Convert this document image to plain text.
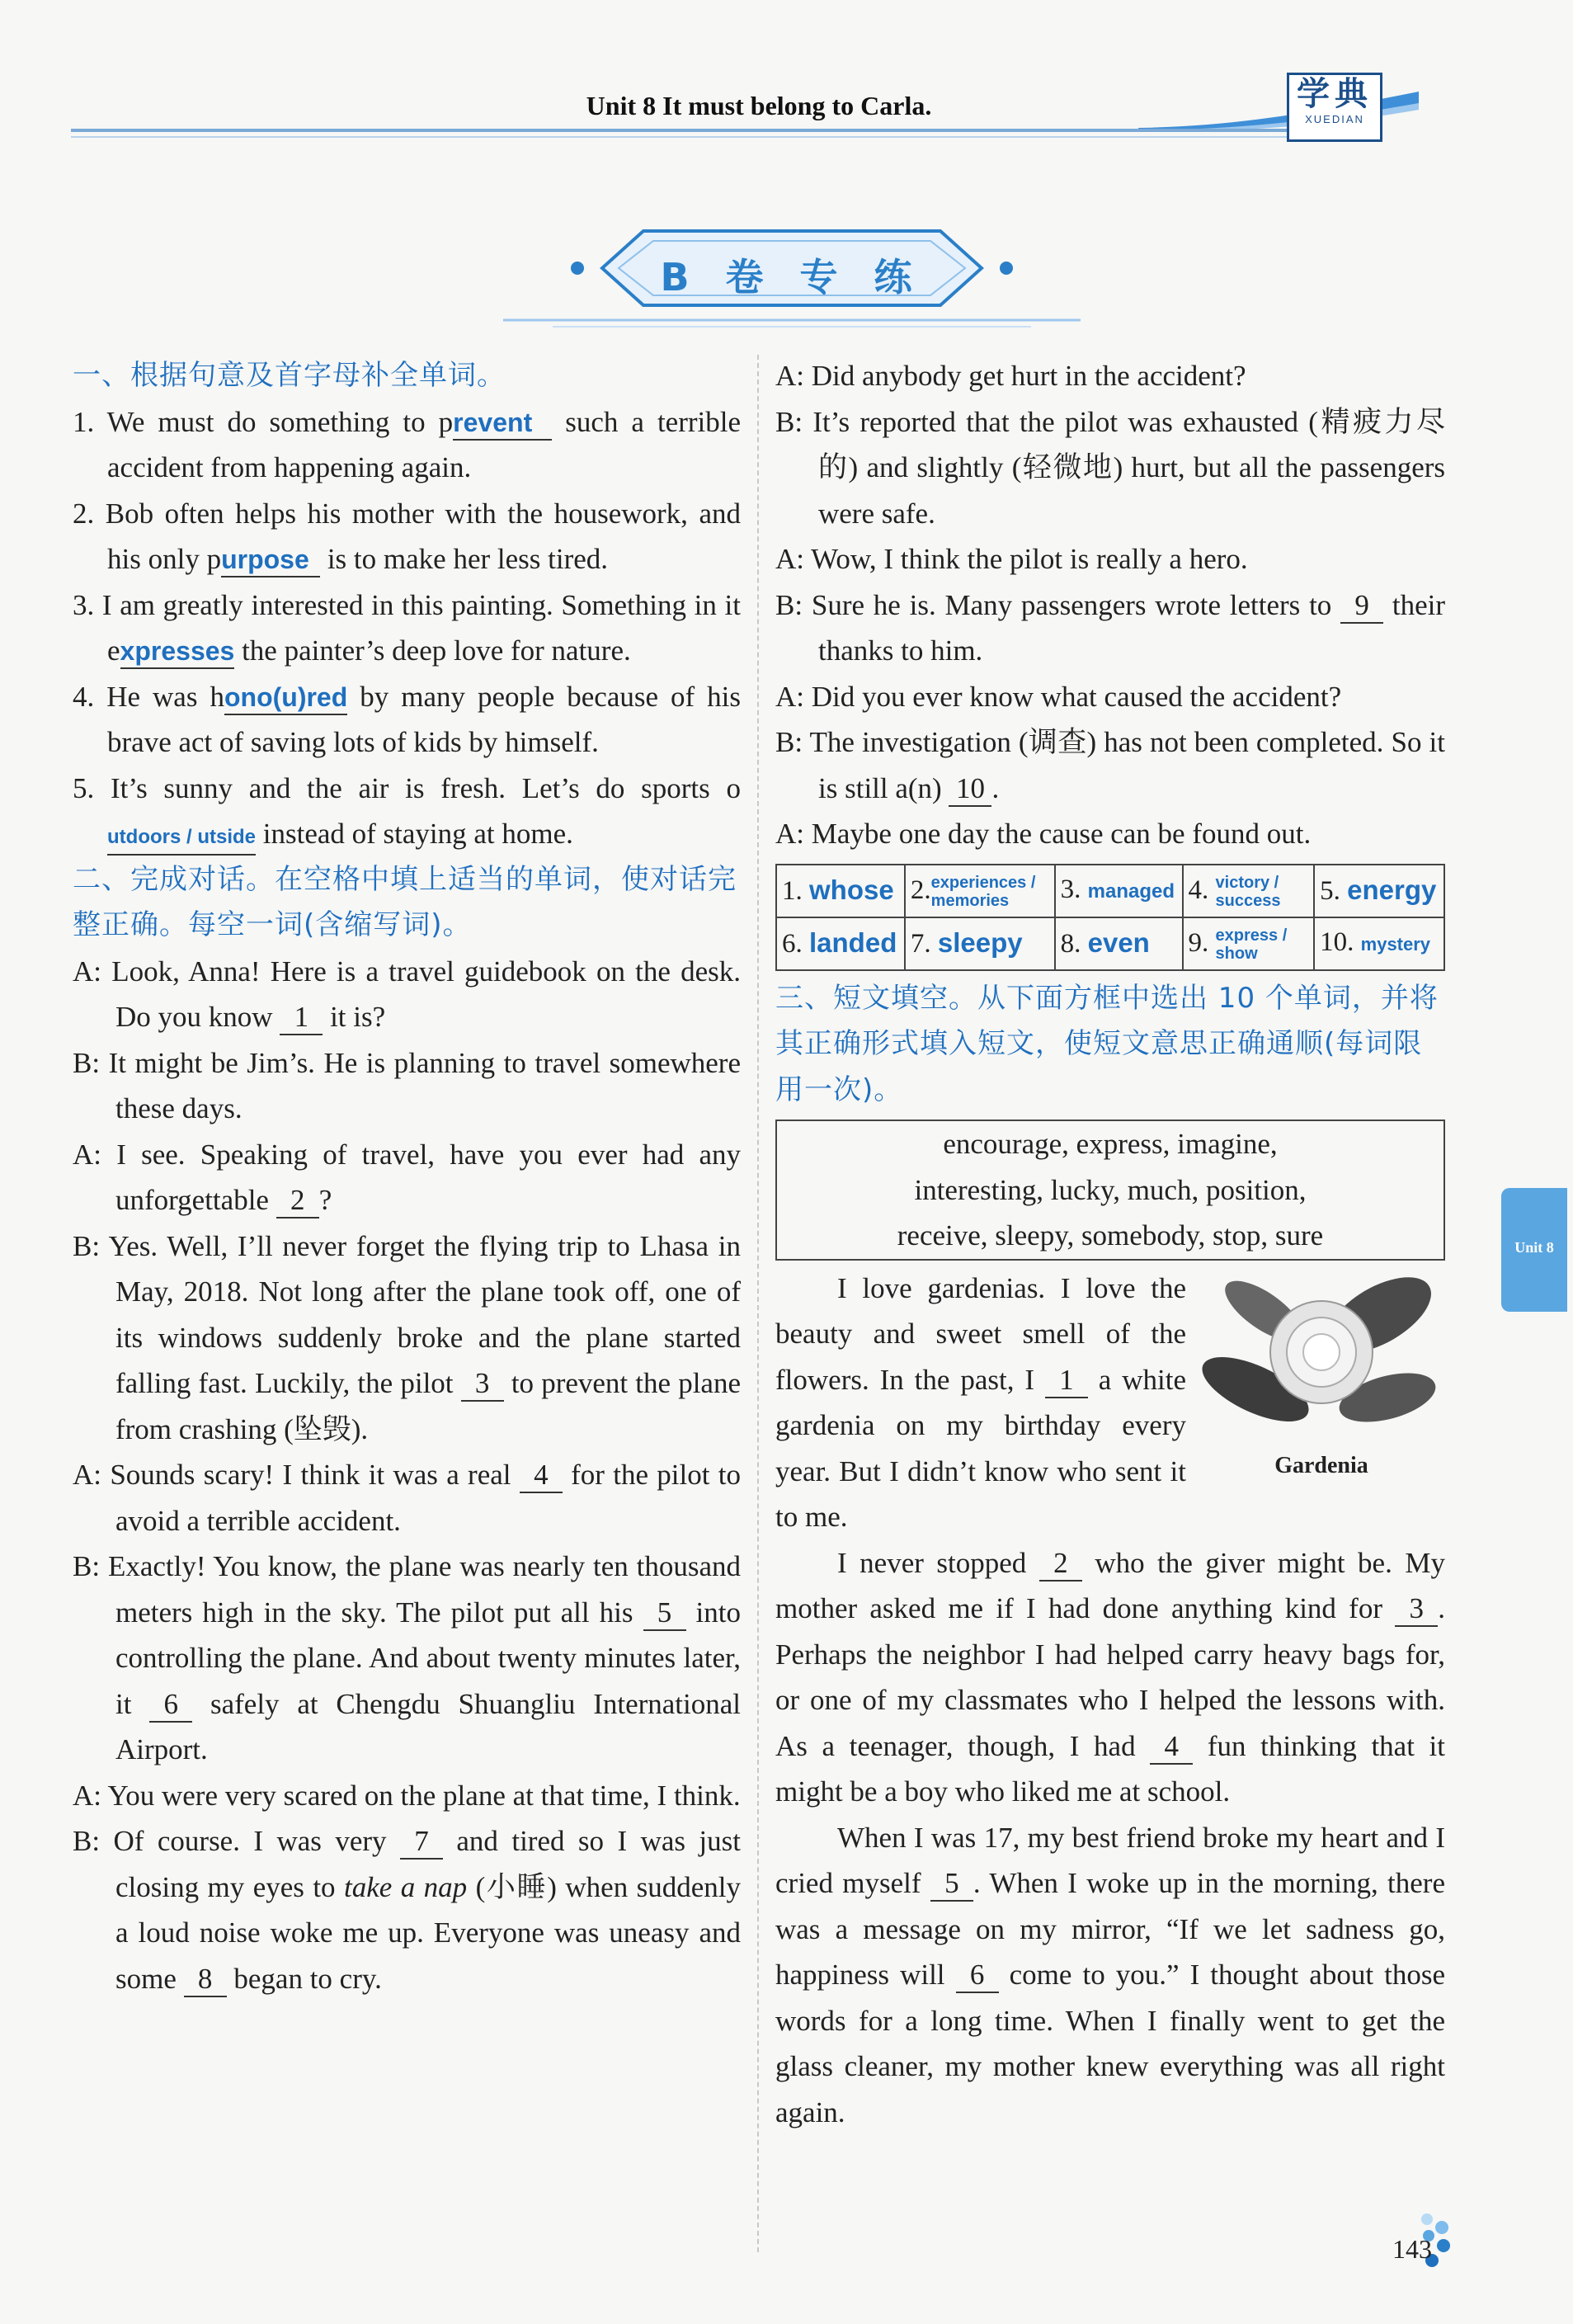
Unit 8 It must belong to Carla.	学典
XUEDIAN
B 卷 专 练
一、根据句意及首字母补全单词。
1. We must do something to prevent such a terrible accident from happening again.
2. Bob often helps his mother with the housework, and his only purpose is to make her less tired.
3. I am greatly interested in this painting. Something in it expresses the painter’s deep love for nature.
4. He was hono(u)red by many people because of his brave act of saving lots of kids by himself.
5. It’s sunny and the air is fresh. Let’s do sports outdoors / utside instead of staying at home.
二、完成对话。在空格中填上适当的单词，使对话完整正确。每空一词(含缩写词)。
A: Look, Anna! Here is a travel guidebook on the desk. Do you know 1 it is?
B: It might be Jim’s. He is planning to travel somewhere these days.
A: I see. Speaking of travel, have you ever had any unforgettable 2 ?
B: Yes. Well, I’ll never forget the flying trip to Lhasa in May, 2018. Not long after the plane took off, one of its windows suddenly broke and the plane started falling fast. Luckily, the pilot 3 to prevent the plane from crashing (坠毁).
A: Sounds scary! I think it was a real 4 for the pilot to avoid a terrible accident.
B: Exactly! You know, the plane was nearly ten thousand meters high in the sky. The pilot put all his 5 into controlling the plane. And about twenty minutes later, it 6 safely at Chengdu Shuangliu International Airport.
A: You were very scared on the plane at that time, I think.
B: Of course. I was very 7 and tired so I was just closing my eyes to take a nap (小睡) when suddenly a loud noise woke me up. Everyone was uneasy and some 8 began to cry.
A: Did anybody get hurt in the accident?
B: It’s reported that the pilot was exhausted (精疲力尽的) and slightly (轻微地) hurt, but all the passengers were safe.
A: Wow, I think the pilot is really a hero.
B: Sure he is. Many passengers wrote letters to 9 their thanks to him.
A: Did you ever know what caused the accident?
B: The investigation (调查) has not been completed. So it is still a(n) 10 .
A: Maybe one day the cause can be found out.
1. whose	2.experiences / memories	3. managed	4. victory / success	5. energy
6. landed	7. sleepy	8. even	9. express / show	10. mystery
三、短文填空。从下面方框中选出 10 个单词，并将其正确形式填入短文，使短文意思正确通顺(每词限用一次)。
encourage, express, imagine,
interesting, lucky, much, position,
receive, sleepy, somebody, stop, sure
Gardenia
I love gardenias. I love the beauty and sweet smell of the flowers. In the past, I 1 a white gardenia on my birthday every year. But I didn’t know who sent it to me.
I never stopped 2 who the giver might be. My mother asked me if I had done anything kind for 3 . Perhaps the neighbor I had helped carry heavy bags for, or one of my classmates who I helped the lessons with. As a teenager, though, I had 4 fun thinking that it might be a boy who liked me at school.
When I was 17, my best friend broke my heart and I cried myself 5 . When I woke up in the morning, there was a message on my mirror, “If we let sadness go, happiness will 6 come to you.” I thought about those words for a long time. When I finally went to get the glass cleaner, my mother knew everything was all right again.
Unit 8
143
